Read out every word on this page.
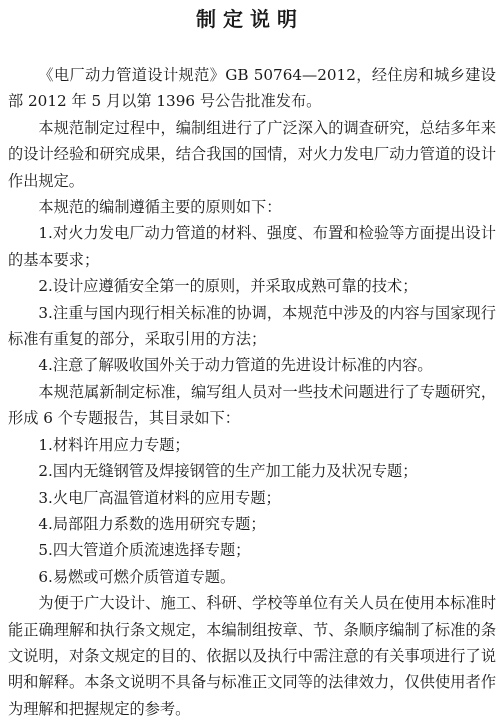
制定说明

《电厂动力管道设计规范》GB 50764—2012，经住房和城乡建设部 2012 年 5 月以第 1396 号公告批准发布。

本规范制定过程中，编制组进行了广泛深入的调查研究，总结多年来的设计经验和研究成果，结合我国的国情，对火力发电厂动力管道的设计作出规定。

本规范的编制遵循主要的原则如下：

1.对火力发电厂动力管道的材料、强度、布置和检验等方面提出设计的基本要求；

2.设计应遵循安全第一的原则，并采取成熟可靠的技术；

3.注重与国内现行相关标准的协调，本规范中涉及的内容与国家现行标准有重复的部分，采取引用的方法；

4.注意了解吸收国外关于动力管道的先进设计标准的内容。

本规范属新制定标准，编写组人员对一些技术问题进行了专题研究，形成 6 个专题报告，其目录如下：

1.材料许用应力专题；

2.国内无缝钢管及焊接钢管的生产加工能力及状况专题；

3.火电厂高温管道材料的应用专题；

4.局部阻力系数的选用研究专题；

5.四大管道介质流速选择专题；

6.易燃或可燃介质管道专题。

为便于广大设计、施工、科研、学校等单位有关人员在使用本标准时能正确理解和执行条文规定，本编制组按章、节、条顺序编制了标准的条文说明，对条文规定的目的、依据以及执行中需注意的有关事项进行了说明和解释。本条文说明不具备与标准正文同等的法律效力，仅供使用者作为理解和把握规定的参考。
